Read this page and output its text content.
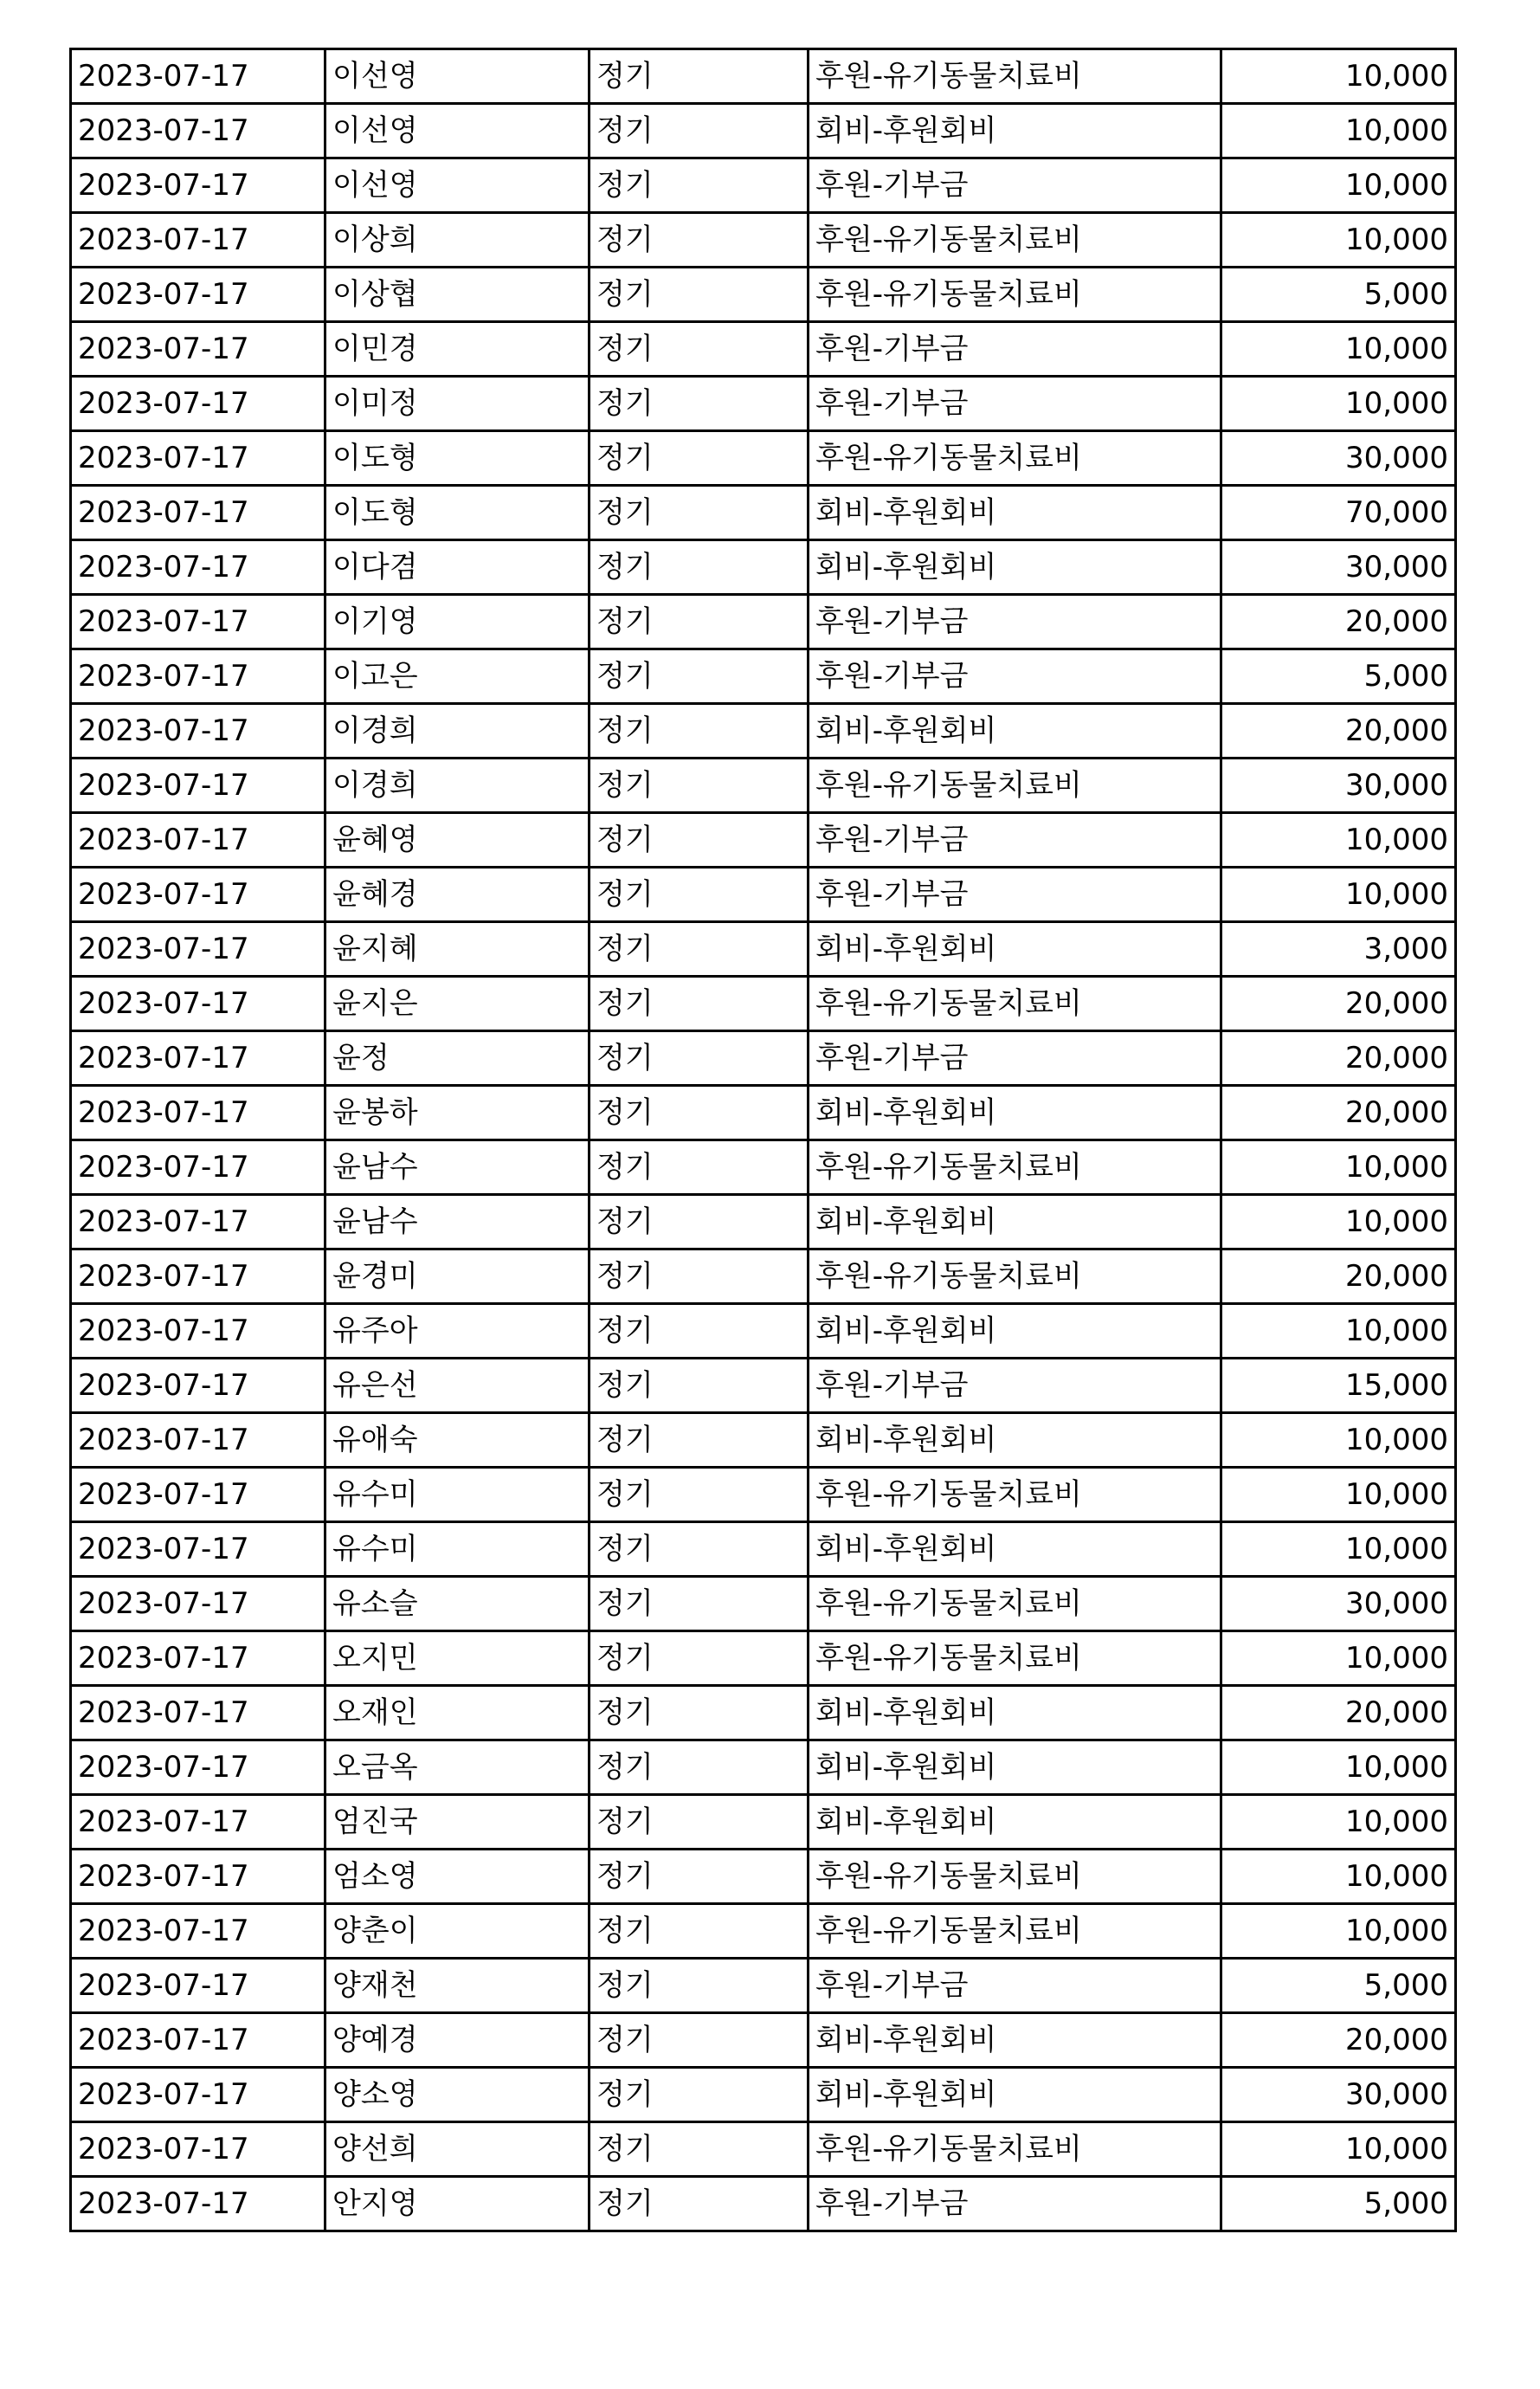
2023-07-17	이선영	정기	후원-유기동물치료비	10,000
2023-07-17	이선영	정기	회비-후원회비	10,000
2023-07-17	이선영	정기	후원-기부금	10,000
2023-07-17	이상희	정기	후원-유기동물치료비	10,000
2023-07-17	이상협	정기	후원-유기동물치료비	5,000
2023-07-17	이민경	정기	후원-기부금	10,000
2023-07-17	이미정	정기	후원-기부금	10,000
2023-07-17	이도형	정기	후원-유기동물치료비	30,000
2023-07-17	이도형	정기	회비-후원회비	70,000
2023-07-17	이다겸	정기	회비-후원회비	30,000
2023-07-17	이기영	정기	후원-기부금	20,000
2023-07-17	이고은	정기	후원-기부금	5,000
2023-07-17	이경희	정기	회비-후원회비	20,000
2023-07-17	이경희	정기	후원-유기동물치료비	30,000
2023-07-17	윤혜영	정기	후원-기부금	10,000
2023-07-17	윤혜경	정기	후원-기부금	10,000
2023-07-17	윤지혜	정기	회비-후원회비	3,000
2023-07-17	윤지은	정기	후원-유기동물치료비	20,000
2023-07-17	윤정	정기	후원-기부금	20,000
2023-07-17	윤봉하	정기	회비-후원회비	20,000
2023-07-17	윤남수	정기	후원-유기동물치료비	10,000
2023-07-17	윤남수	정기	회비-후원회비	10,000
2023-07-17	윤경미	정기	후원-유기동물치료비	20,000
2023-07-17	유주아	정기	회비-후원회비	10,000
2023-07-17	유은선	정기	후원-기부금	15,000
2023-07-17	유애숙	정기	회비-후원회비	10,000
2023-07-17	유수미	정기	후원-유기동물치료비	10,000
2023-07-17	유수미	정기	회비-후원회비	10,000
2023-07-17	유소슬	정기	후원-유기동물치료비	30,000
2023-07-17	오지민	정기	후원-유기동물치료비	10,000
2023-07-17	오재인	정기	회비-후원회비	20,000
2023-07-17	오금옥	정기	회비-후원회비	10,000
2023-07-17	엄진국	정기	회비-후원회비	10,000
2023-07-17	엄소영	정기	후원-유기동물치료비	10,000
2023-07-17	양춘이	정기	후원-유기동물치료비	10,000
2023-07-17	양재천	정기	후원-기부금	5,000
2023-07-17	양예경	정기	회비-후원회비	20,000
2023-07-17	양소영	정기	회비-후원회비	30,000
2023-07-17	양선희	정기	후원-유기동물치료비	10,000
2023-07-17	안지영	정기	후원-기부금	5,000
